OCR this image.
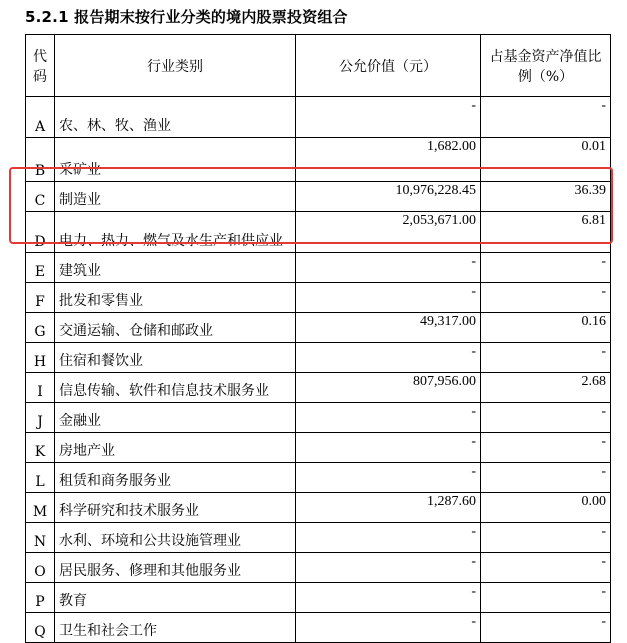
5.2.1 报告期末按行业分类的境内股票投资组合
代码	行业类别	公允价值（元）	占基金资产净值比例（%）
A	农、林、牧、渔业	-	-
B	采矿业	1,682.00	0.01
C	制造业	10,976,228.45	36.39
D	电力、热力、燃气及水生产和供应业	2,053,671.00	6.81
E	建筑业	-	-
F	批发和零售业	-	-
G	交通运输、仓储和邮政业	49,317.00	0.16
H	住宿和餐饮业	-	-
I	信息传输、软件和信息技术服务业	807,956.00	2.68
J	金融业	-	-
K	房地产业	-	-
L	租赁和商务服务业	-	-
M	科学研究和技术服务业	1,287.60	0.00
N	水利、环境和公共设施管理业	-	-
O	居民服务、修理和其他服务业	-	-
P	教育	-	-
Q	卫生和社会工作	-	-
